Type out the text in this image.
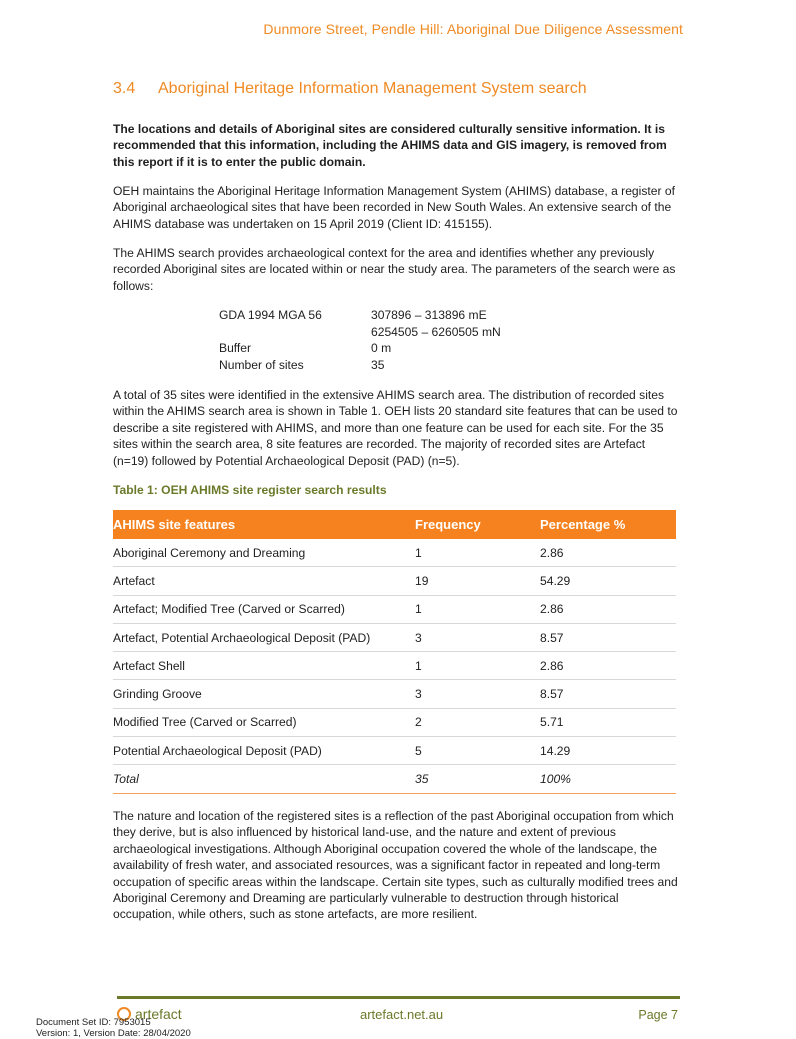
Dunmore Street, Pendle Hill: Aboriginal Due Diligence Assessment
3.4 Aboriginal Heritage Information Management System search

The locations and details of Aboriginal sites are considered culturally sensitive information. It is recommended that this information, including the AHIMS data and GIS imagery, is removed from this report if it is to enter the public domain.

OEH maintains the Aboriginal Heritage Information Management System (AHIMS) database, a register of Aboriginal archaeological sites that have been recorded in New South Wales. An extensive search of the AHIMS database was undertaken on 15 April 2019 (Client ID: 415155).

The AHIMS search provides archaeological context for the area and identifies whether any previously recorded Aboriginal sites are located within or near the study area. The parameters of the search were as follows:

GDA 1994 MGA 56	307896 – 313896 mE
6254505 – 6260505 mN
Buffer	0 m
Number of sites	35

A total of 35 sites were identified in the extensive AHIMS search area. The distribution of recorded sites within the AHIMS search area is shown in Table 1. OEH lists 20 standard site features that can be used to describe a site registered with AHIMS, and more than one feature can be used for each site. For the 35 sites within the search area, 8 site features are recorded. The majority of recorded sites are Artefact (n=19) followed by Potential Archaeological Deposit (PAD) (n=5).

Table 1: OEH AHIMS site register search results
AHIMS site features	Frequency	Percentage %
Aboriginal Ceremony and Dreaming	1	2.86
Artefact	19	54.29
Artefact; Modified Tree (Carved or Scarred)	1	2.86
Artefact, Potential Archaeological Deposit (PAD)	3	8.57
Artefact Shell	1	2.86
Grinding Groove	3	8.57
Modified Tree (Carved or Scarred)	2	5.71
Potential Archaeological Deposit (PAD)	5	14.29
Total	35	100%

The nature and location of the registered sites is a reflection of the past Aboriginal occupation from which they derive, but is also influenced by historical land-use, and the nature and extent of previous archaeological investigations. Although Aboriginal occupation covered the whole of the landscape, the availability of fresh water, and associated resources, was a significant factor in repeated and long-term occupation of specific areas within the landscape. Certain site types, such as culturally modified trees and Aboriginal Ceremony and Dreaming are particularly vulnerable to destruction through historical occupation, while others, such as stone artefacts, are more resilient.

artefact	artefact.net.au	Page 7
Document Set ID: 7953015
Version: 1, Version Date: 28/04/2020
